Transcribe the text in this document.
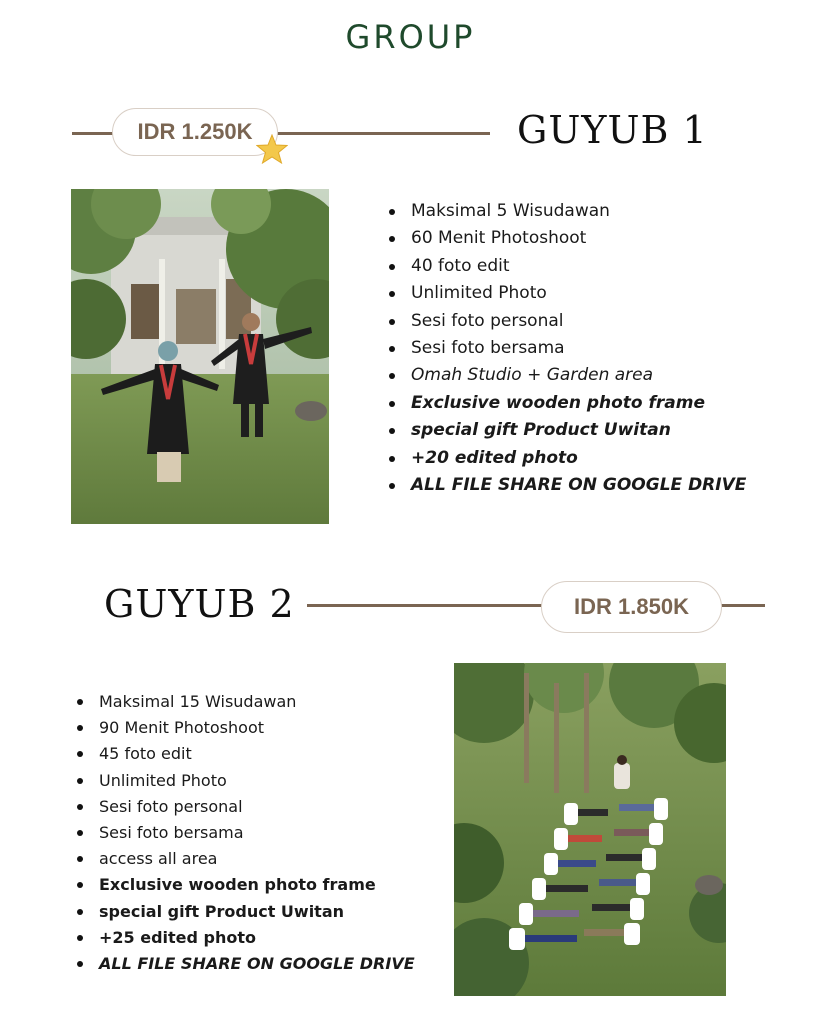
GROUP
IDR 1.250K	GUYUB 1
Maksimal 5 Wisudawan
60 Menit Photoshoot
40 foto edit
Unlimited Photo
Sesi foto personal
Sesi foto bersama
Omah Studio + Garden area
Exclusive wooden photo frame
special gift Product Uwitan
+20 edited photo
ALL FILE SHARE ON GOOGLE DRIVE
GUYUB 2	IDR 1.850K
Maksimal 15 Wisudawan
90 Menit Photoshoot
45 foto edit
Unlimited Photo
Sesi foto personal
Sesi foto bersama
access all area
Exclusive wooden photo frame
special gift Product Uwitan
+25 edited photo
ALL FILE SHARE ON GOOGLE DRIVE
